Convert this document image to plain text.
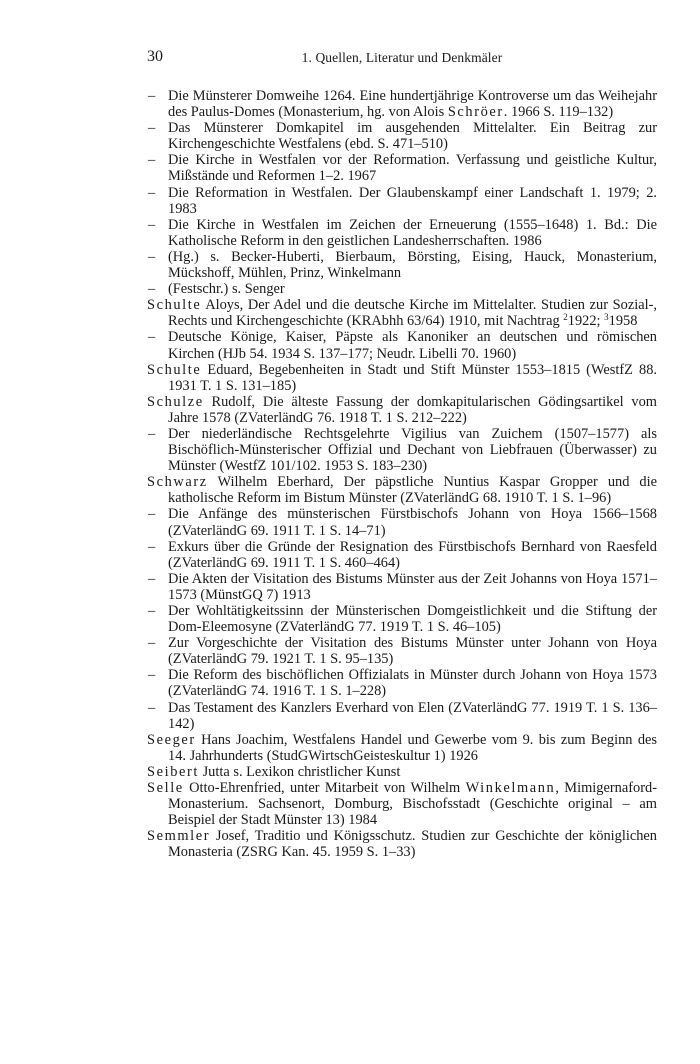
30	1. Quellen, Literatur und Denkmäler
– Die Münsterer Domweihe 1264. Eine hundertjährige Kontroverse um das Weihejahr des Paulus-Domes (Monasterium, hg. von Alois Schröer. 1966 S. 119–132)
– Das Münsterer Domkapitel im ausgehenden Mittelalter. Ein Beitrag zur Kirchengeschichte Westfalens (ebd. S. 471–510)
– Die Kirche in Westfalen vor der Reformation. Verfassung und geistliche Kultur, Mißstände und Reformen 1–2. 1967
– Die Reformation in Westfalen. Der Glaubenskampf einer Landschaft 1. 1979; 2. 1983
– Die Kirche in Westfalen im Zeichen der Erneuerung (1555–1648) 1. Bd.: Die Katholische Reform in den geistlichen Landesherrschaften. 1986
– (Hg.) s. Becker-Huberti, Bierbaum, Börsting, Eising, Hauck, Monasterium, Mückshoff, Mühlen, Prinz, Winkelmann
– (Festschr.) s. Senger
Schulte Aloys, Der Adel und die deutsche Kirche im Mittelalter. Studien zur Sozial-, Rechts und Kirchengeschichte (KRAbhh 63/64) 1910, mit Nachtrag $^2$1922; $^3$1958
– Deutsche Könige, Kaiser, Päpste als Kanoniker an deutschen und römischen Kirchen (HJb 54. 1934 S. 137–177; Neudr. Libelli 70. 1960)
Schulte Eduard, Begebenheiten in Stadt und Stift Münster 1553–1815 (WestfZ 88. 1931 T. 1 S. 131–185)
Schulze Rudolf, Die älteste Fassung der domkapitularischen Gödingsartikel vom Jahre 1578 (ZVaterländG 76. 1918 T. 1 S. 212–222)
– Der niederländische Rechtsgelehrte Vigilius van Zuichem (1507–1577) als Bischöflich-Münsterischer Offizial und Dechant von Liebfrauen (Überwasser) zu Münster (WestfZ 101/102. 1953 S. 183–230)
Schwarz Wilhelm Eberhard, Der päpstliche Nuntius Kaspar Gropper und die katholische Reform im Bistum Münster (ZVaterländG 68. 1910 T. 1 S. 1–96)
– Die Anfänge des münsterischen Fürstbischofs Johann von Hoya 1566–1568 (ZVaterländG 69. 1911 T. 1 S. 14–71)
– Exkurs über die Gründe der Resignation des Fürstbischofs Bernhard von Raesfeld (ZVaterländG 69. 1911 T. 1 S. 460–464)
– Die Akten der Visitation des Bistums Münster aus der Zeit Johanns von Hoya 1571–1573 (MünstGQ 7) 1913
– Der Wohltätigkeitssinn der Münsterischen Domgeistlichkeit und die Stiftung der Dom-Eleemosyne (ZVaterländG 77. 1919 T. 1 S. 46–105)
– Zur Vorgeschichte der Visitation des Bistums Münster unter Johann von Hoya (ZVaterländG 79. 1921 T. 1 S. 95–135)
– Die Reform des bischöflichen Offizialats in Münster durch Johann von Hoya 1573 (ZVaterländG 74. 1916 T. 1 S. 1–228)
– Das Testament des Kanzlers Everhard von Elen (ZVaterländG 77. 1919 T. 1 S. 136–142)
Seeger Hans Joachim, Westfalens Handel und Gewerbe vom 9. bis zum Beginn des 14. Jahrhunderts (StudGWirtschGeisteskultur 1) 1926
Seibert Jutta s. Lexikon christlicher Kunst
Selle Otto-Ehrenfried, unter Mitarbeit von Wilhelm Winkelmann, Mimigernaford-Monasterium. Sachsenort, Domburg, Bischofsstadt (Geschichte original – am Beispiel der Stadt Münster 13) 1984
Semmler Josef, Traditio und Königsschutz. Studien zur Geschichte der königlichen Monasteria (ZSRG Kan. 45. 1959 S. 1–33)
